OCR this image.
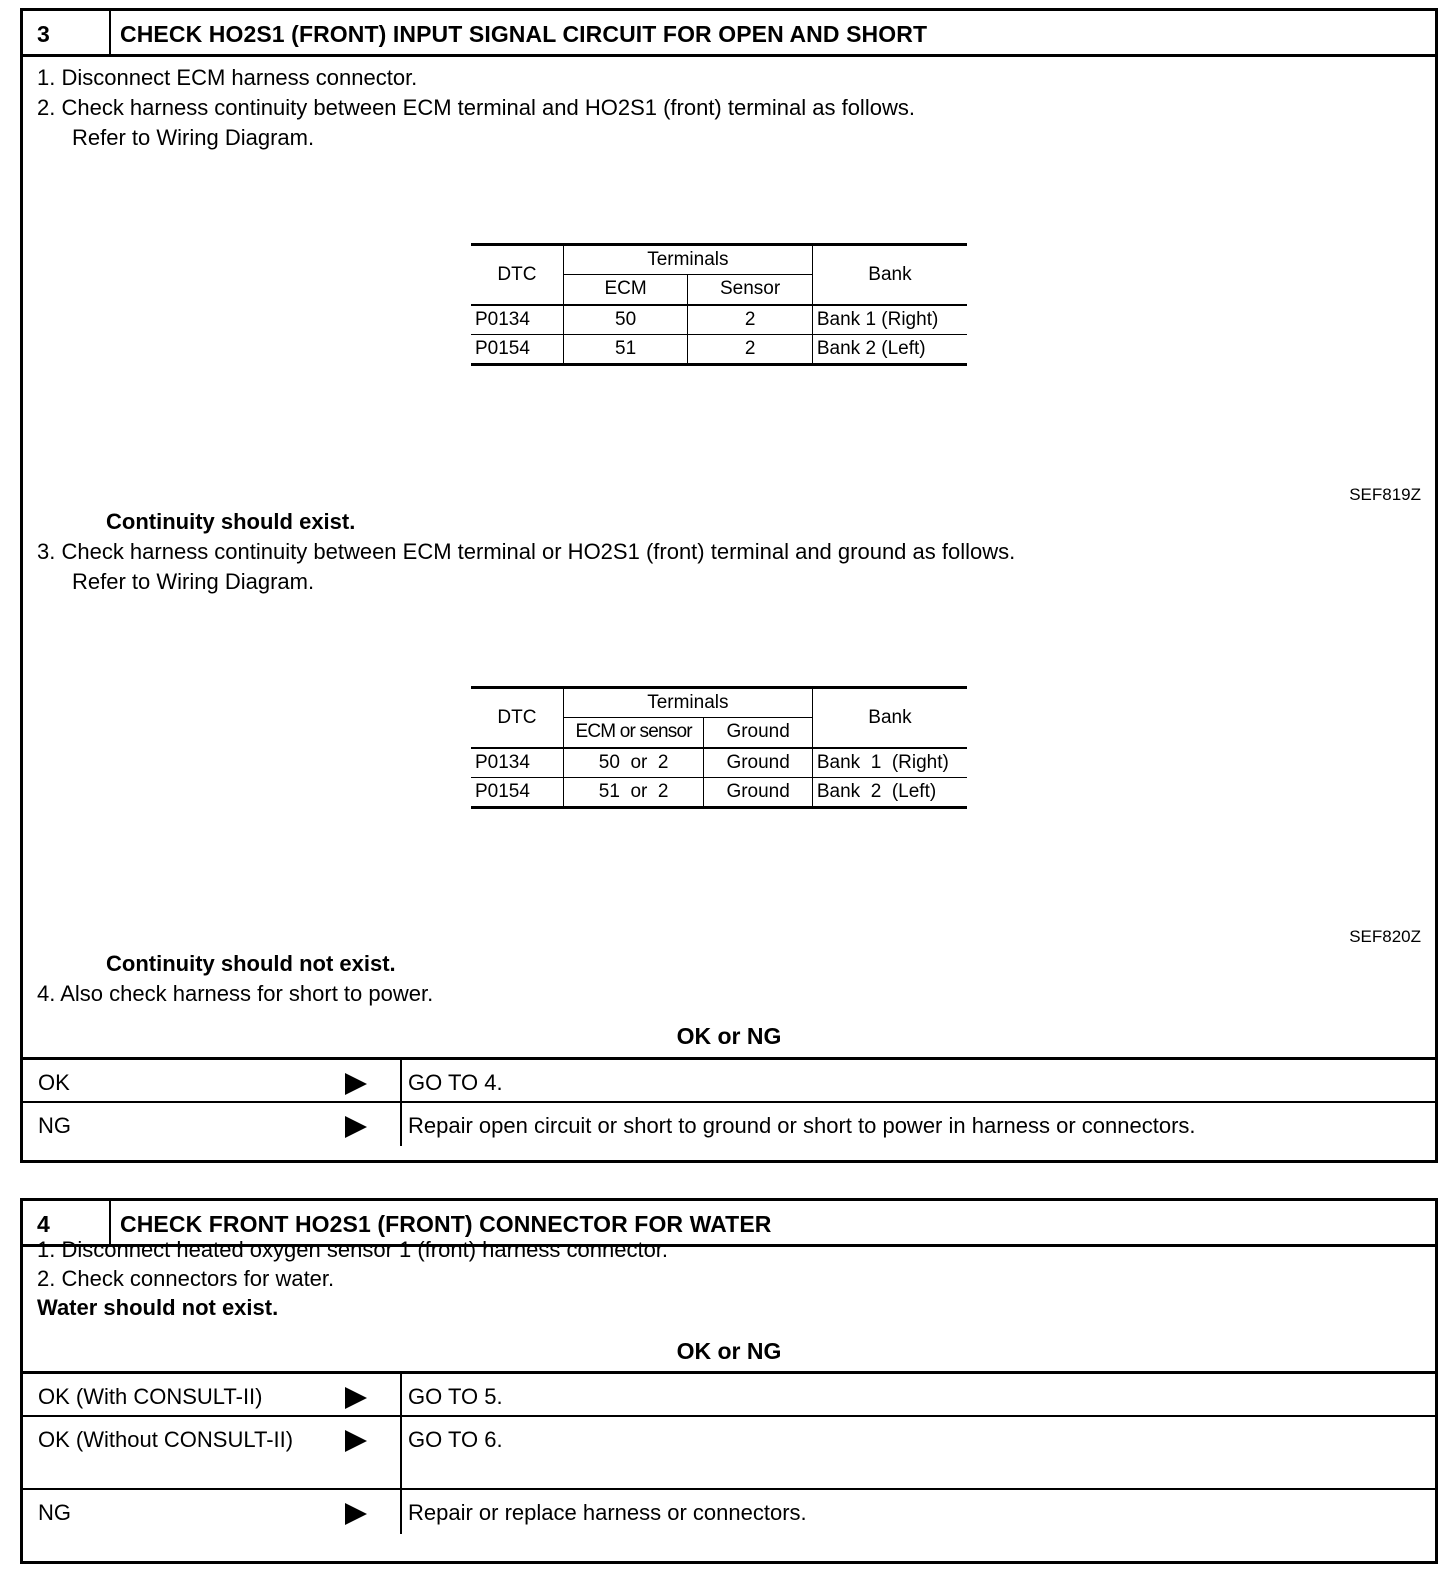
3	CHECK HO2S1 (FRONT) INPUT SIGNAL CIRCUIT FOR OPEN AND SHORT
1. Disconnect ECM harness connector.
2. Check harness continuity between ECM terminal and HO2S1 (front) terminal as follows.
Refer to Wiring Diagram.
DTC	Terminals		Bank
	ECM	Sensor	
P0134	50	2	Bank 1 (Right)
P0154	51	2	Bank 2 (Left)
SEF819Z
Continuity should exist.
3. Check harness continuity between ECM terminal or HO2S1 (front) terminal and ground as follows.
Refer to Wiring Diagram.
DTC	Terminals		Bank
	ECM or sensor	Ground	
P0134	50  or  2	Ground	Bank  1  (Right)
P0154	51  or  2	Ground	Bank  2  (Left)
SEF820Z
Continuity should not exist.
4. Also check harness for short to power.
OK or NG
OK	GO TO 4.
NG	Repair open circuit or short to ground or short to power in harness or connectors.
4	CHECK FRONT HO2S1 (FRONT) CONNECTOR FOR WATER
1. Disconnect heated oxygen sensor 1 (front) harness connector.
2. Check connectors for water.
Water should not exist.
OK or NG
OK (With CONSULT-II)	GO TO 5.
OK (Without CONSULT-II)	GO TO 6.
NG	Repair or replace harness or connectors.
